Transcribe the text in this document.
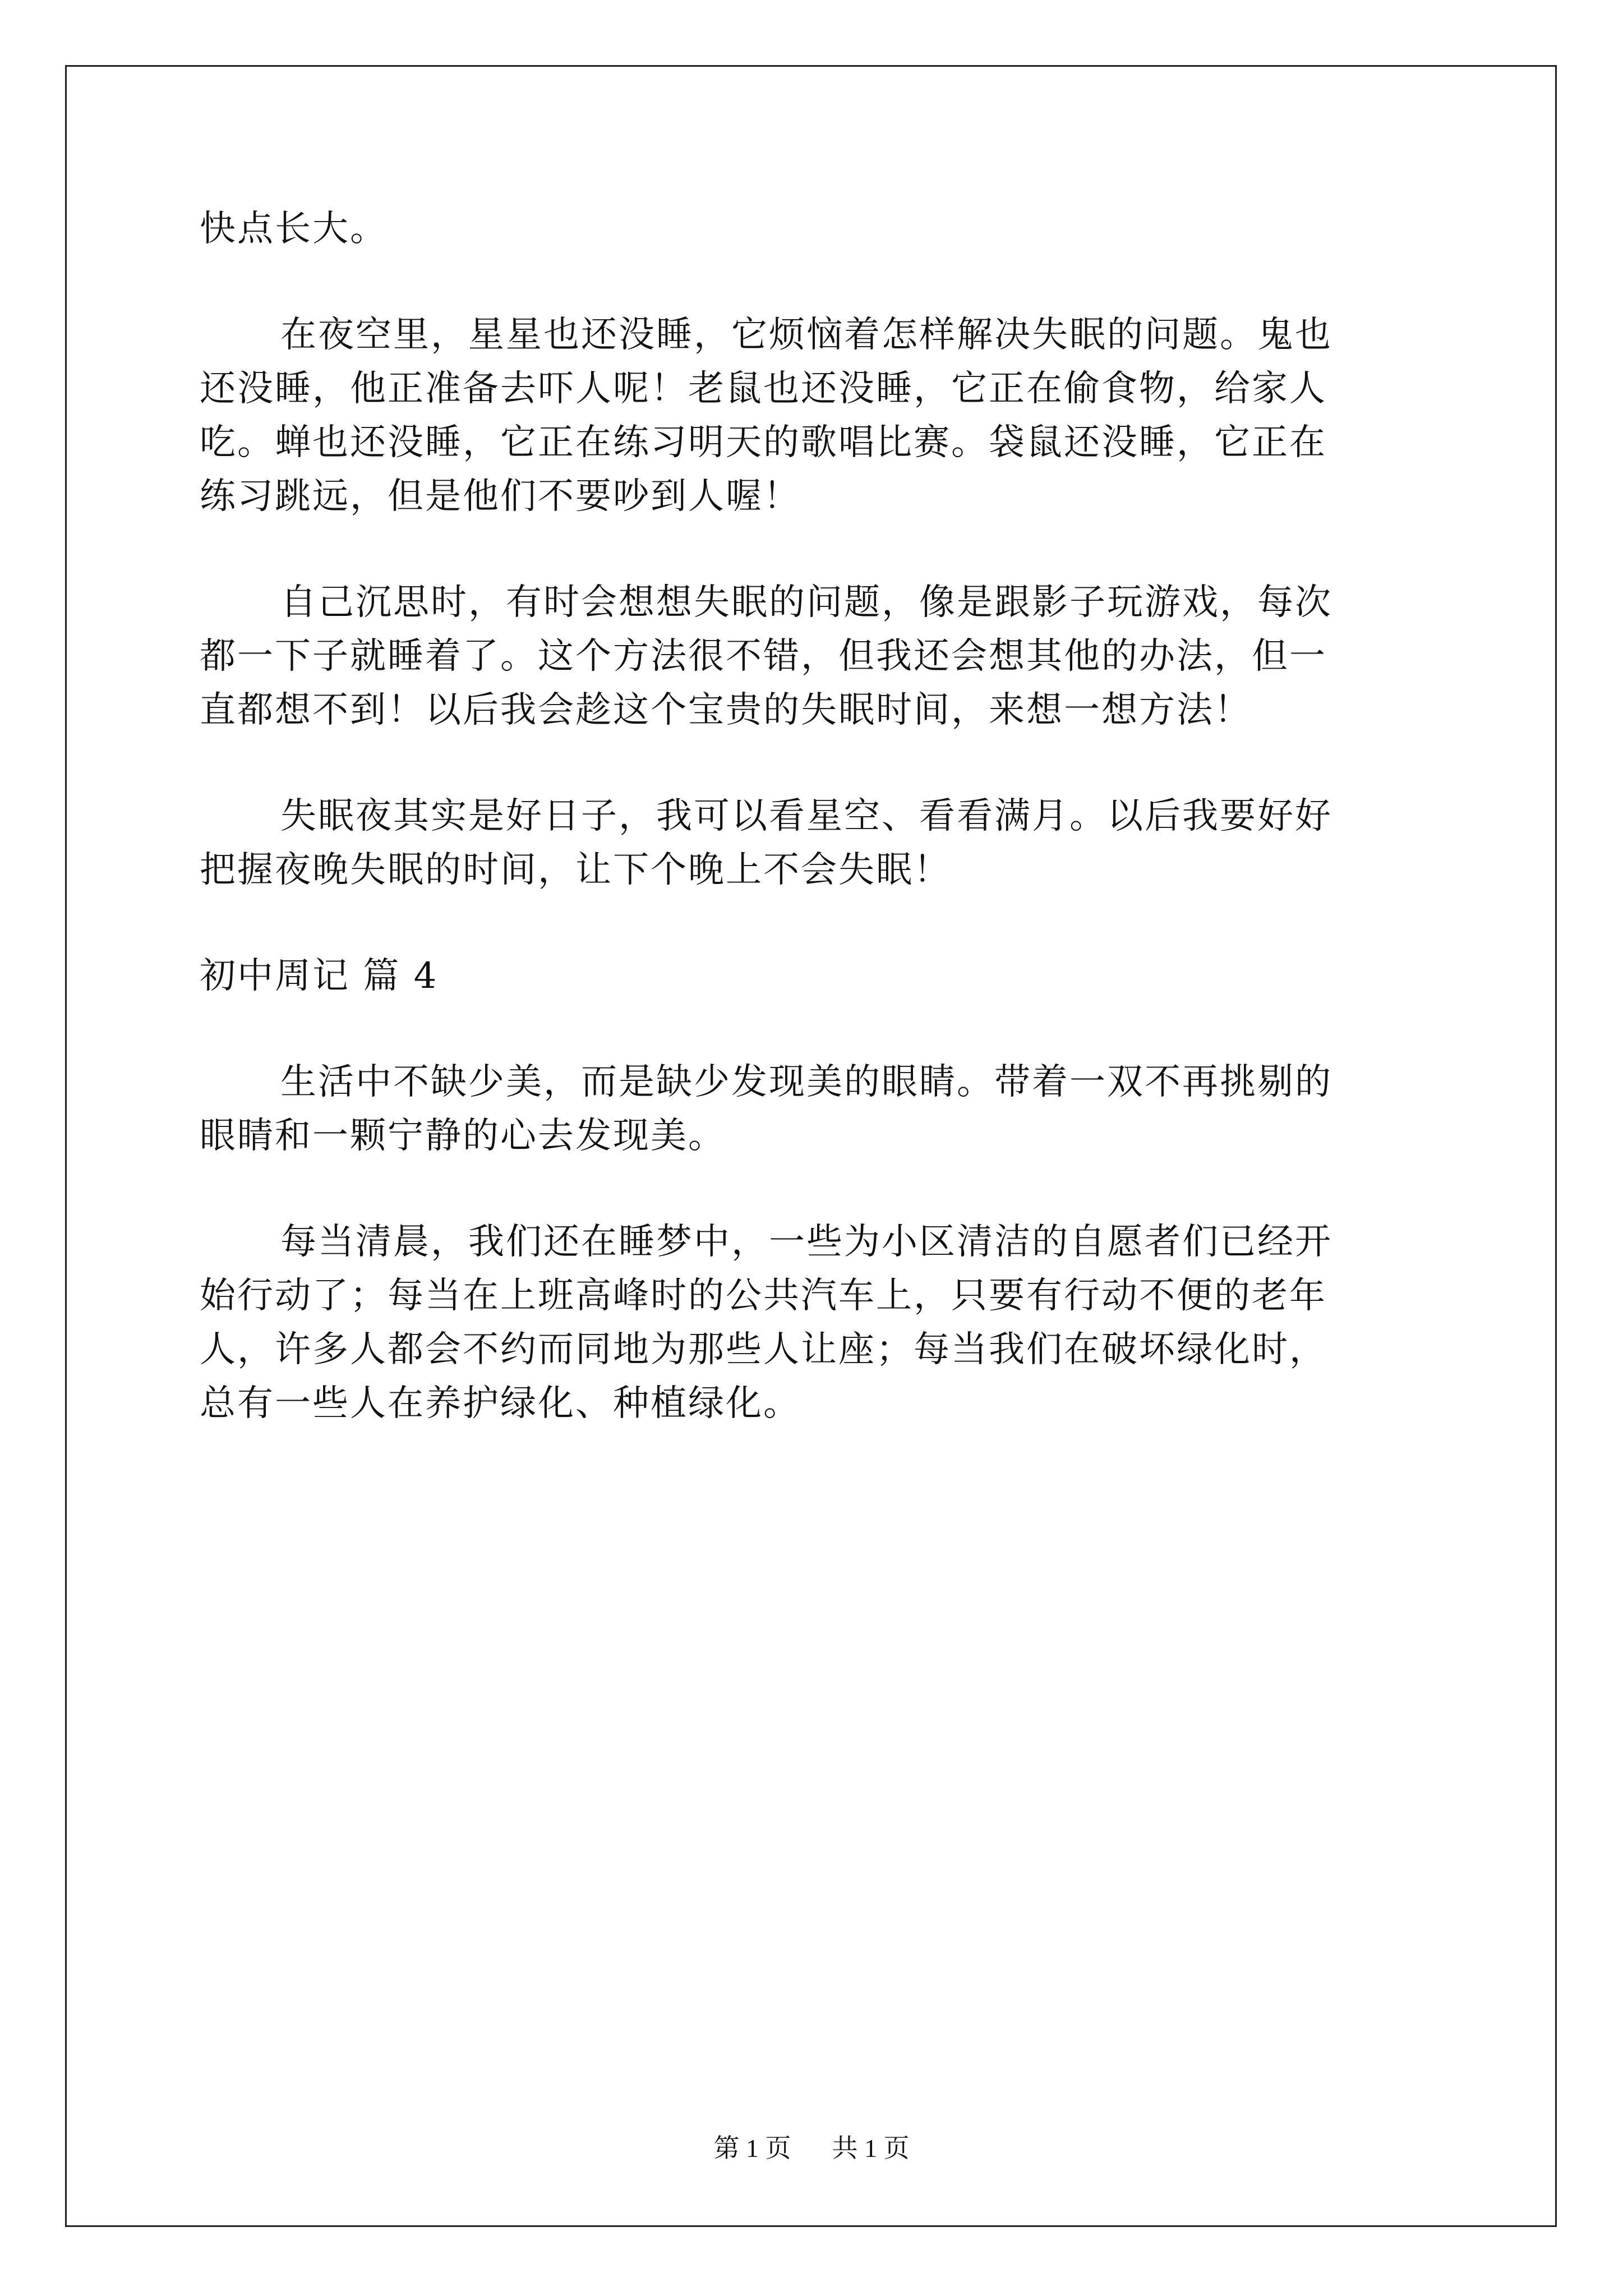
快点长大。
在夜空里，星星也还没睡，它烦恼着怎样解决失眠的问题。鬼也
还没睡，他正准备去吓人呢！老鼠也还没睡，它正在偷食物，给家人
吃。蝉也还没睡，它正在练习明天的歌唱比赛。袋鼠还没睡，它正在
练习跳远，但是他们不要吵到人喔！
自己沉思时，有时会想想失眠的问题，像是跟影子玩游戏，每次
都一下子就睡着了。这个方法很不错，但我还会想其他的办法，但一
直都想不到！以后我会趁这个宝贵的失眠时间，来想一想方法！
失眠夜其实是好日子，我可以看星空、看看满月。以后我要好好
把握夜晚失眠的时间，让下个晚上不会失眠！
初中周记 篇 4
生活中不缺少美，而是缺少发现美的眼睛。带着一双不再挑剔的
眼睛和一颗宁静的心去发现美。
每当清晨，我们还在睡梦中，一些为小区清洁的自愿者们已经开
始行动了；每当在上班高峰时的公共汽车上，只要有行动不便的老年
人，许多人都会不约而同地为那些人让座；每当我们在破坏绿化时，
总有一些人在养护绿化、种植绿化。
第 1 页 共 1 页
